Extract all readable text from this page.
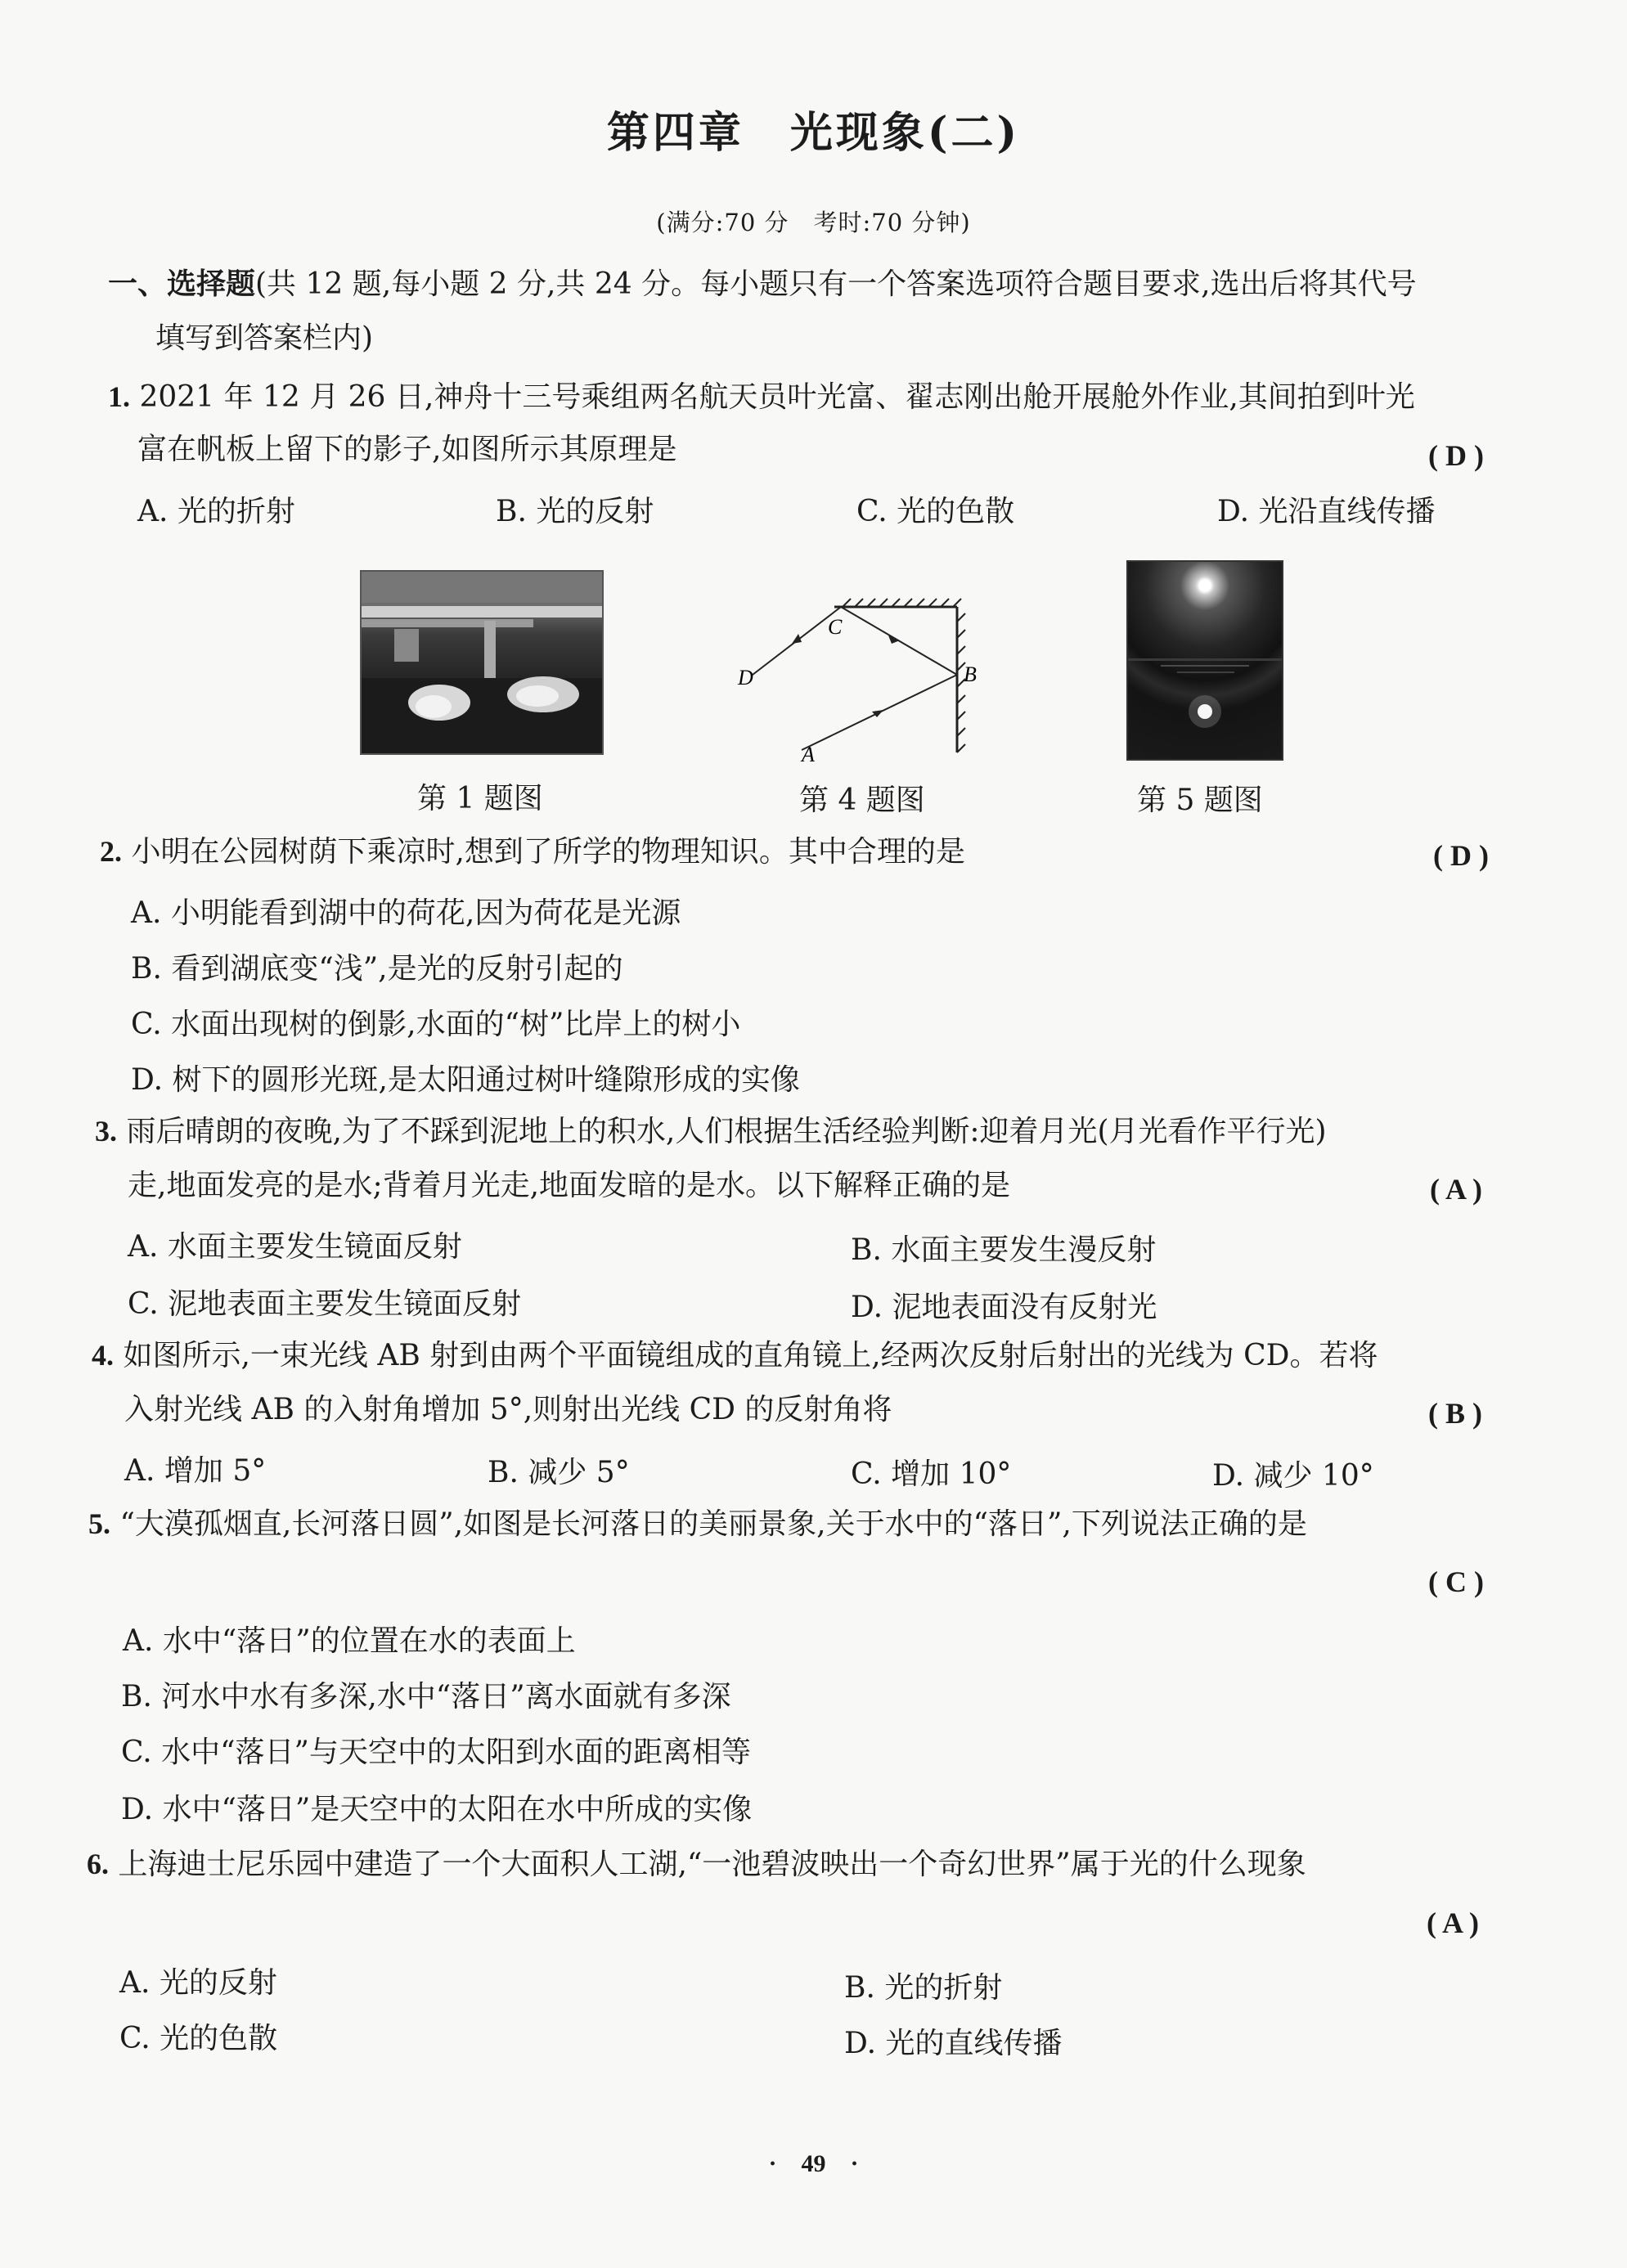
第四章　光现象(二)
(满分:70 分　考时:70 分钟)
一、选择题(共 12 题,每小题 2 分,共 24 分。每小题只有一个答案选项符合题目要求,选出后将其代号
填写到答案栏内)
1. 2021 年 12 月 26 日,神舟十三号乘组两名航天员叶光富、翟志刚出舱开展舱外作业,其间拍到叶光
富在帆板上留下的影子,如图所示其原理是	( D )
A. 光的折射	B. 光的反射	C. 光的色散	D. 光沿直线传播
C
B
D
A
第 1 题图	第 4 题图	第 5 题图
2. 小明在公园树荫下乘凉时,想到了所学的物理知识。其中合理的是	( D )
A. 小明能看到湖中的荷花,因为荷花是光源
B. 看到湖底变“浅”,是光的反射引起的
C. 水面出现树的倒影,水面的“树”比岸上的树小
D. 树下的圆形光斑,是太阳通过树叶缝隙形成的实像
3. 雨后晴朗的夜晚,为了不踩到泥地上的积水,人们根据生活经验判断:迎着月光(月光看作平行光)
走,地面发亮的是水;背着月光走,地面发暗的是水。以下解释正确的是	( A )
A. 水面主要发生镜面反射	B. 水面主要发生漫反射
C. 泥地表面主要发生镜面反射	D. 泥地表面没有反射光
4. 如图所示,一束光线 AB 射到由两个平面镜组成的直角镜上,经两次反射后射出的光线为 CD。若将
入射光线 AB 的入射角增加 5°,则射出光线 CD 的反射角将	( B )
A. 增加 5°	B. 减少 5°	C. 增加 10°	D. 减少 10°
5. “大漠孤烟直,长河落日圆”,如图是长河落日的美丽景象,关于水中的“落日”,下列说法正确的是
( C )
A. 水中“落日”的位置在水的表面上
B. 河水中水有多深,水中“落日”离水面就有多深
C. 水中“落日”与天空中的太阳到水面的距离相等
D. 水中“落日”是天空中的太阳在水中所成的实像
6. 上海迪士尼乐园中建造了一个大面积人工湖,“一池碧波映出一个奇幻世界”属于光的什么现象
( A )
A. 光的反射	B. 光的折射
C. 光的色散	D. 光的直线传播
·　49　·
